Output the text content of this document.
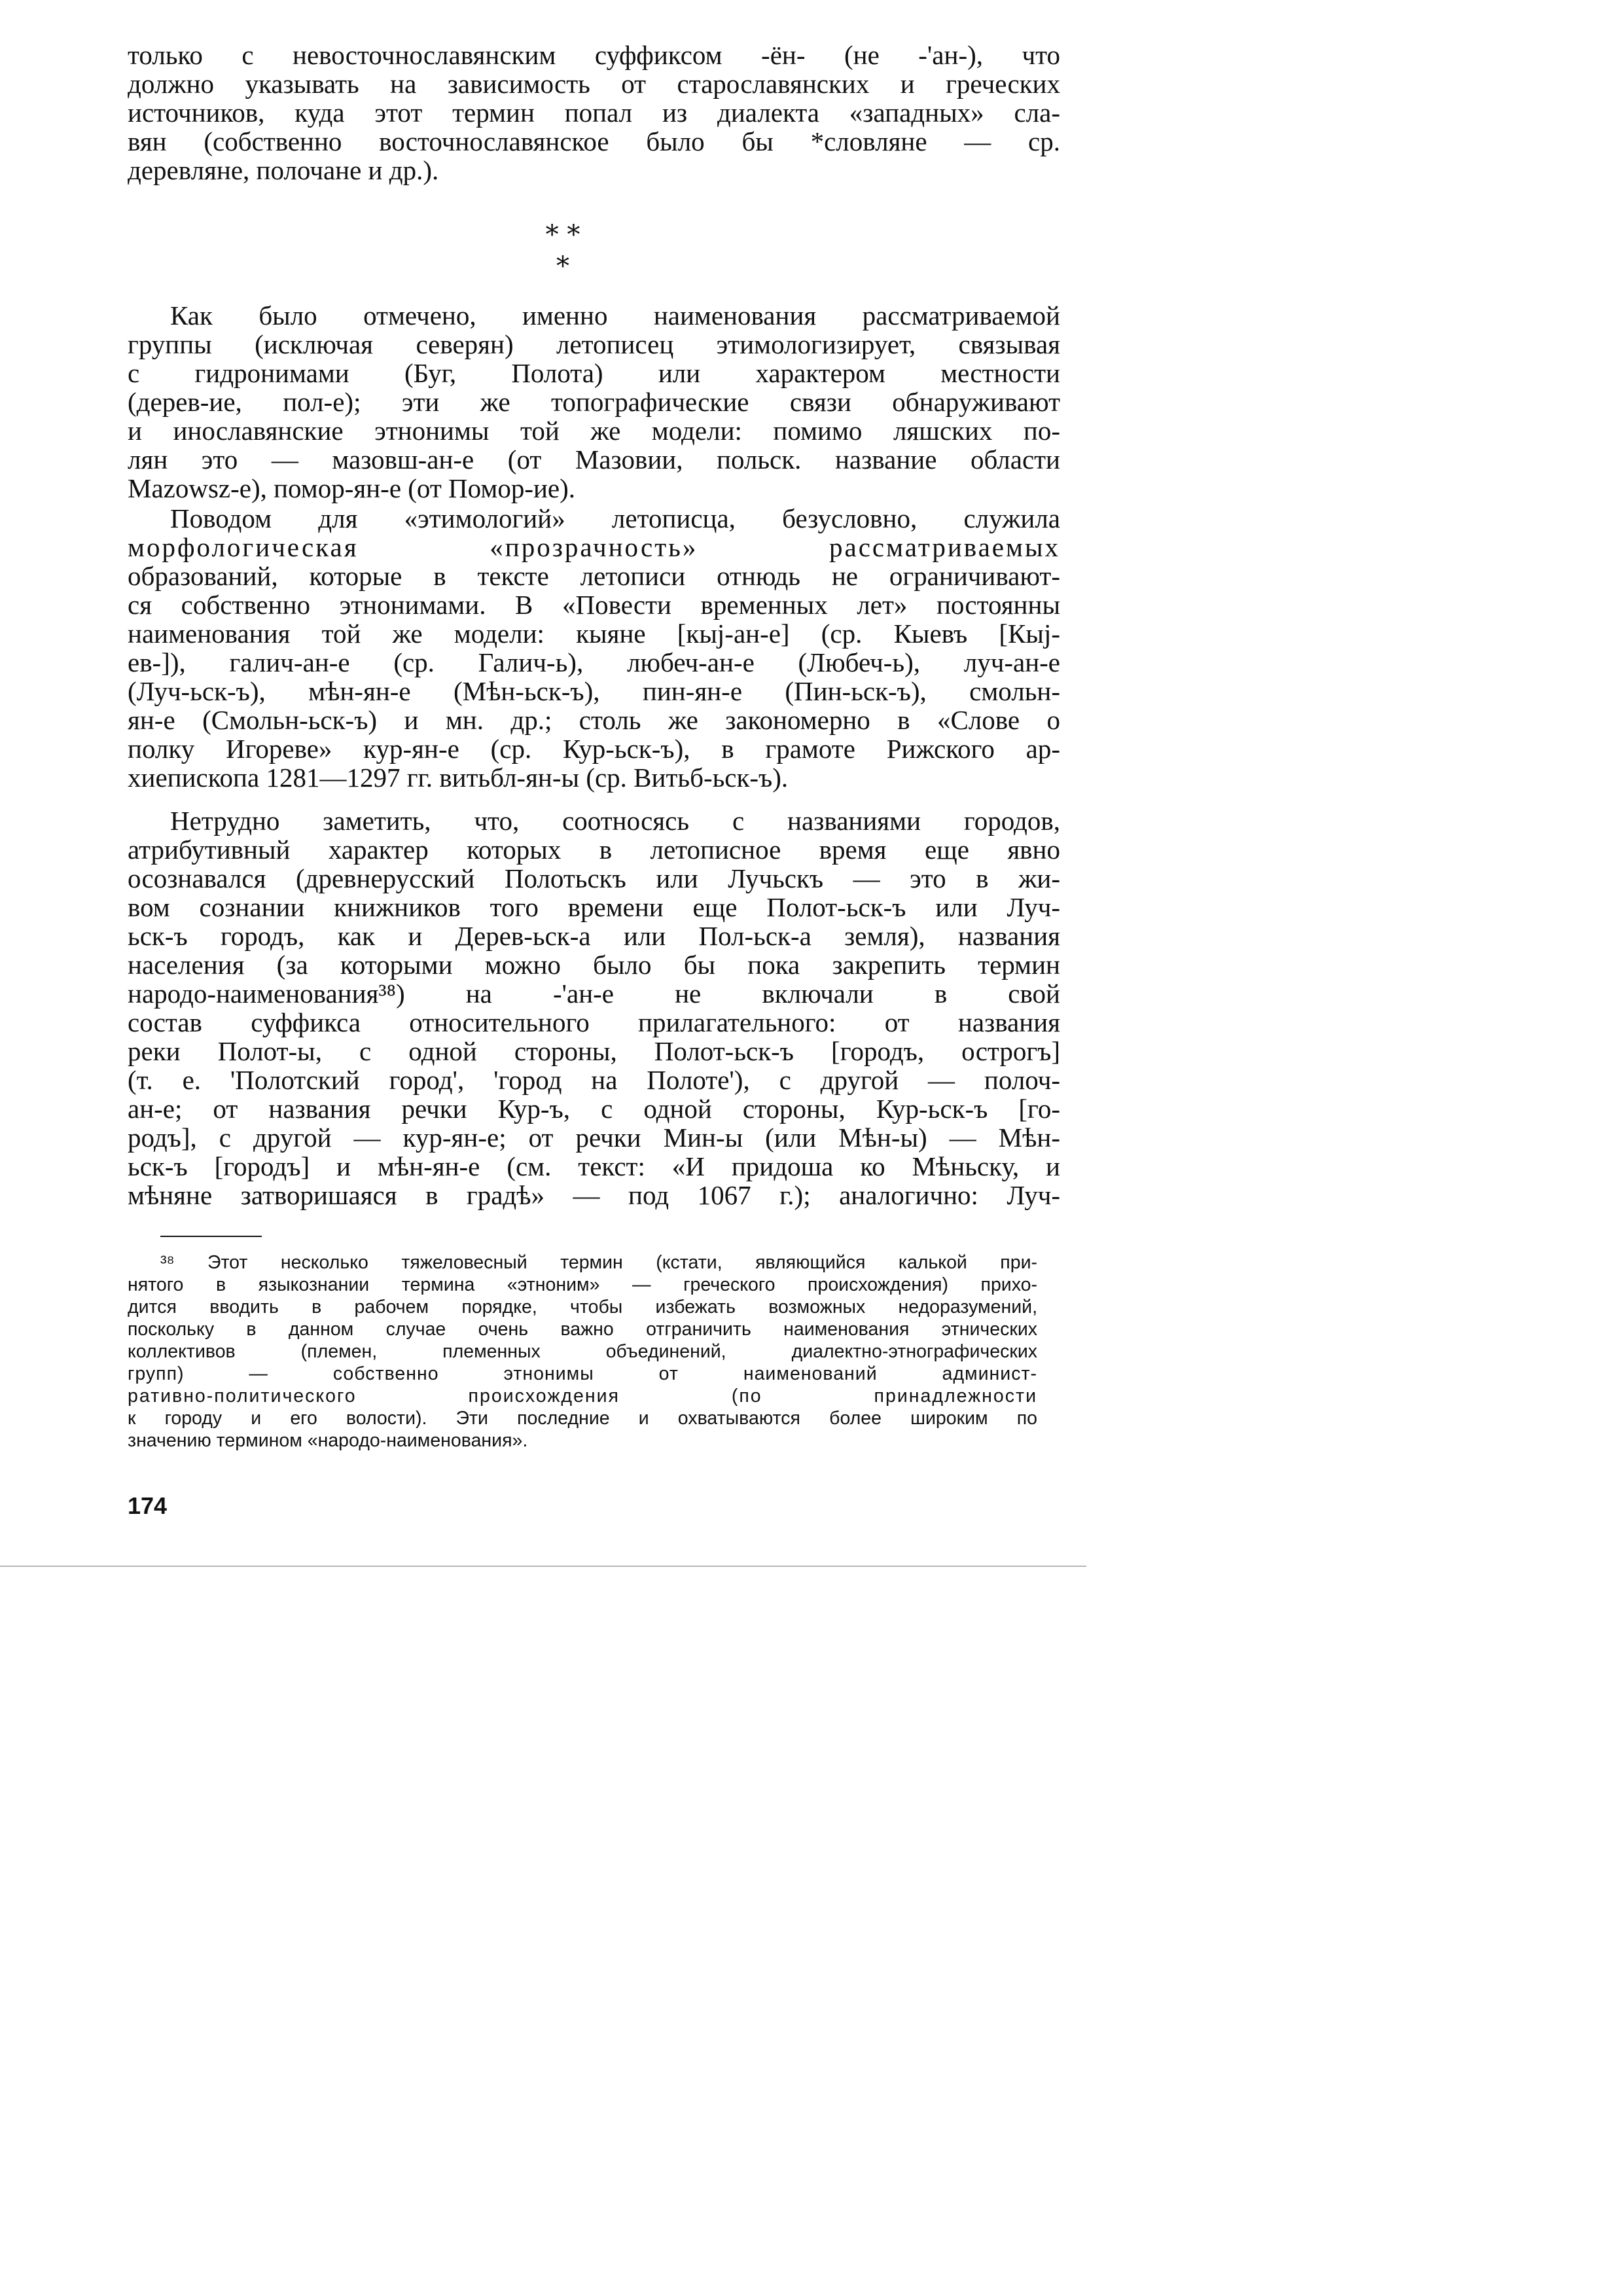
только с невосточнославянским суффиксом -ён- (не -'ан-), что
должно указывать на зависимость от старославянских и греческих
источников, куда этот термин попал из диалекта «западных» сла-
вян (собственно восточнославянское было бы *словляне — ср.
деревляне, полочане и др.).
* *
*
Как было отмечено, именно наименования рассматриваемой
группы (исключая северян) летописец этимологизирует, связывая
с гидронимами (Буг, Полота) или характером местности
(дерев-ие, пол-е); эти же топографические связи обнаруживают
и инославянские этнонимы той же модели: помимо ляшских по-
лян это — мазовш-ан-е (от Мазовии, польск. название области
Mazowsz-e), помор-ян-е (от Помор-ие).
Поводом для «этимологий» летописца, безусловно, служила
морфологическая «прозрачность» рассматриваемых
образований, которые в тексте летописи отнюдь не ограничивают-
ся собственно этнонимами. В «Повести временных лет» постоянны
наименования той же модели: кыяне [кыј-ан-е] (ср. Кыевъ [Кыј-
ев-]), галич-ан-е (ср. Галич-ь), любеч-ан-е (Любеч-ь), луч-ан-е
(Луч-ьск-ъ), мѣн-ян-е (Мѣн-ьск-ъ), пин-ян-е (Пин-ьск-ъ), смольн-
ян-е (Смольн-ьск-ъ) и мн. др.; столь же закономерно в «Слове о
полку Игореве» кур-ян-е (ср. Кур-ьск-ъ), в грамоте Рижского ар-
хиепископа 1281—1297 гг. витьбл-ян-ы (ср. Витьб-ьск-ъ).
Нетрудно заметить, что, соотносясь с названиями городов,
атрибутивный характер которых в летописное время еще явно
осознавался (древнерусский Полотьскъ или Лучьскъ — это в жи-
вом сознании книжников того времени еще Полот-ьск-ъ или Луч-
ьск-ъ городъ, как и Дерев-ьск-а или Пол-ьск-а земля), названия
населения (за которыми можно было бы пока закрепить термин
народо-наименования³⁸) на -'ан-е не включали в свой
состав суффикса относительного прилагательного: от названия
реки Полот-ы, с одной стороны, Полот-ьск-ъ [городъ, острогъ]
(т. е. 'Полотский город', 'город на Полоте'), с другой — полоч-
ан-е; от названия речки Кур-ъ, с одной стороны, Кур-ьск-ъ [го-
родъ], с другой — кур-ян-е; от речки Мин-ы (или Мѣн-ы) — Мѣн-
ьск-ъ [городъ] и мѣн-ян-е (см. текст: «И придоша ко Мѣньску, и
мѣняне затворишаяся в градѣ» — под 1067 г.); аналогично: Луч-
³⁸ Этот несколько тяжеловесный термин (кстати, являющийся калькой при-
нятого в языкознании термина «этноним» — греческого происхождения) прихо-
дится вводить в рабочем порядке, чтобы избежать возможных недоразумений,
поскольку в данном случае очень важно отграничить наименования этнических
коллективов (племен, племенных объединений, диалектно-этнографических
групп) — собственно этнонимы от наименований админист-
ративно-политического происхождения (по принадлежности
к городу и его волости). Эти последние и охватываются более широким по
значению термином «народо-наименования».
174
